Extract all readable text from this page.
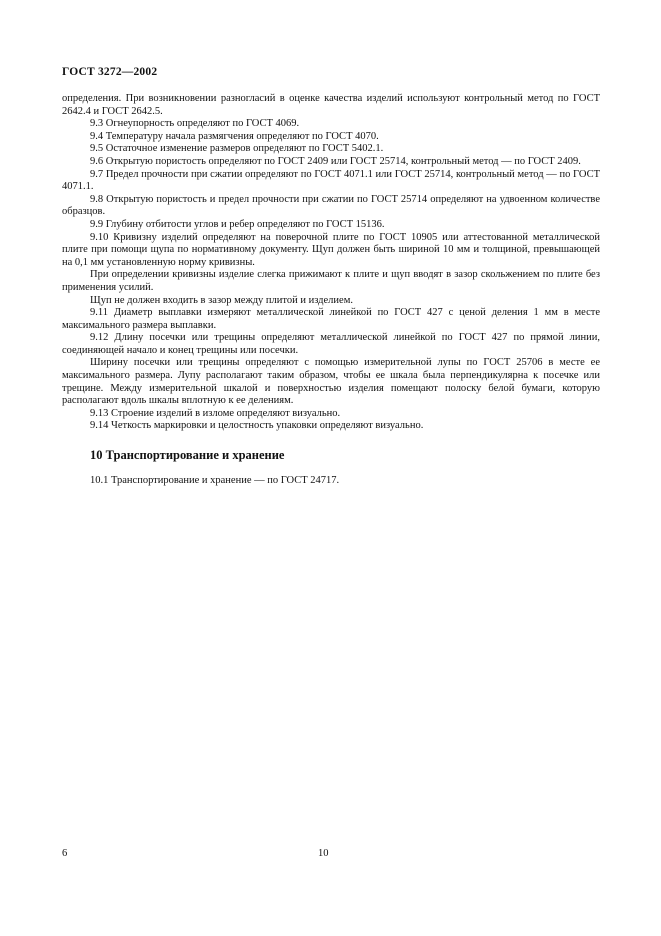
ГОСТ 3272—2002

определения. При возникновении разногласий в оценке качества изделий используют контрольный метод по ГОСТ 2642.4 и ГОСТ 2642.5.

9.3 Огнеупорность определяют по ГОСТ 4069.

9.4 Температуру начала размягчения определяют по ГОСТ 4070.

9.5 Остаточное изменение размеров определяют по ГОСТ 5402.1.

9.6 Открытую пористость определяют по ГОСТ 2409 или ГОСТ 25714, контрольный метод — по ГОСТ 2409.

9.7 Предел прочности при сжатии определяют по ГОСТ 4071.1 или ГОСТ 25714, контрольный метод — по ГОСТ 4071.1.

9.8 Открытую пористость и предел прочности при сжатии по ГОСТ 25714 определяют на удвоенном количестве образцов.

9.9 Глубину отбитости углов и ребер определяют по ГОСТ 15136.

9.10 Кривизну изделий определяют на поверочной плите по ГОСТ 10905 или аттестованной металлической плите при помощи щупа по нормативному документу. Щуп должен быть шириной 10 мм и толщиной, превышающей на 0,1 мм установленную норму кривизны.

При определении кривизны изделие слегка прижимают к плите и щуп вводят в зазор скольжением по плите без применения усилий.

Щуп не должен входить в зазор между плитой и изделием.

9.11 Диаметр выплавки измеряют металлической линейкой по ГОСТ 427 с ценой деления 1 мм в месте максимального размера выплавки.

9.12 Длину посечки или трещины определяют металлической линейкой по ГОСТ 427 по прямой линии, соединяющей начало и конец трещины или посечки.

Ширину посечки или трещины определяют с помощью измерительной лупы по ГОСТ 25706 в месте ее максимального размера. Лупу располагают таким образом, чтобы ее шкала была перпендикулярна к посечке или трещине. Между измерительной шкалой и поверхностью изделия помещают полоску белой бумаги, которую располагают вдоль шкалы вплотную к ее делениям.

9.13 Строение изделий в изломе определяют визуально.

9.14 Четкость маркировки и целостность упаковки определяют визуально.

10 Транспортирование и хранение

10.1 Транспортирование и хранение — по ГОСТ 24717.

6	10
